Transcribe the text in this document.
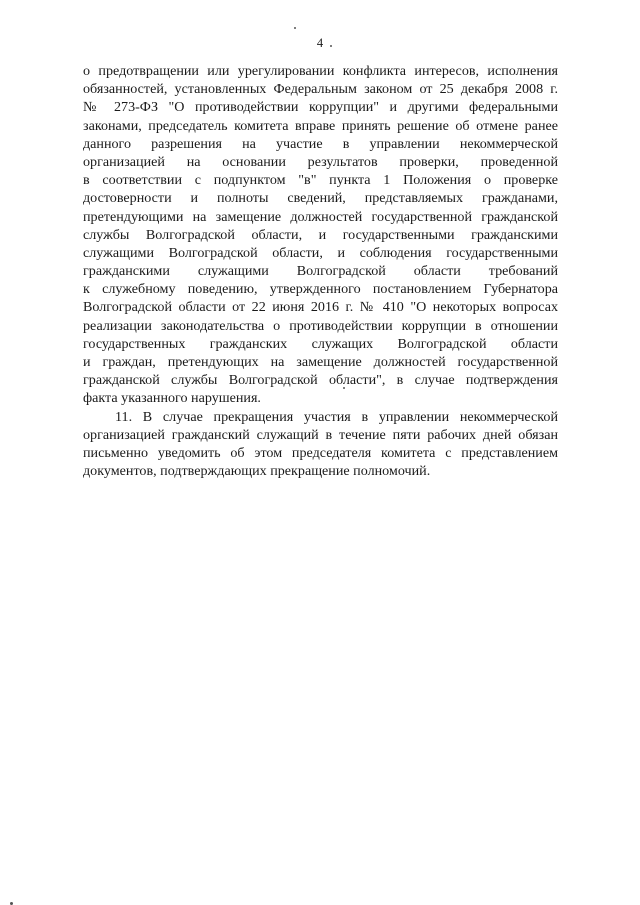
4
о предотвращении или урегулировании конфликта интересов, исполнения
обязанностей, установленных Федеральным законом от 25 декабря 2008 г.
№ 273-ФЗ "О противодействии коррупции" и другими федеральными
законами, председатель комитета вправе принять решение об отмене ранее
данного разрешения на участие в управлении некоммерческой
организацией на основании результатов проверки, проведенной
в соответствии с подпунктом "в" пункта 1 Положения о проверке
достоверности и полноты сведений, представляемых гражданами,
претендующими на замещение должностей государственной гражданской
службы Волгоградской области, и государственными гражданскими
служащими Волгоградской области, и соблюдения государственными
гражданскими служащими Волгоградской области требований
к служебному поведению, утвержденного постановлением Губернатора
Волгоградской области от 22 июня 2016 г. № 410 "О некоторых вопросах
реализации законодательства о противодействии коррупции в отношении
государственных гражданских служащих Волгоградской области
и граждан, претендующих на замещение должностей государственной
гражданской службы Волгоградской области", в случае подтверждения
факта указанного нарушения.
11. В случае прекращения участия в управлении некоммерческой
организацией гражданский служащий в течение пяти рабочих дней обязан
письменно уведомить об этом председателя комитета с представлением
документов, подтверждающих прекращение полномочий.
